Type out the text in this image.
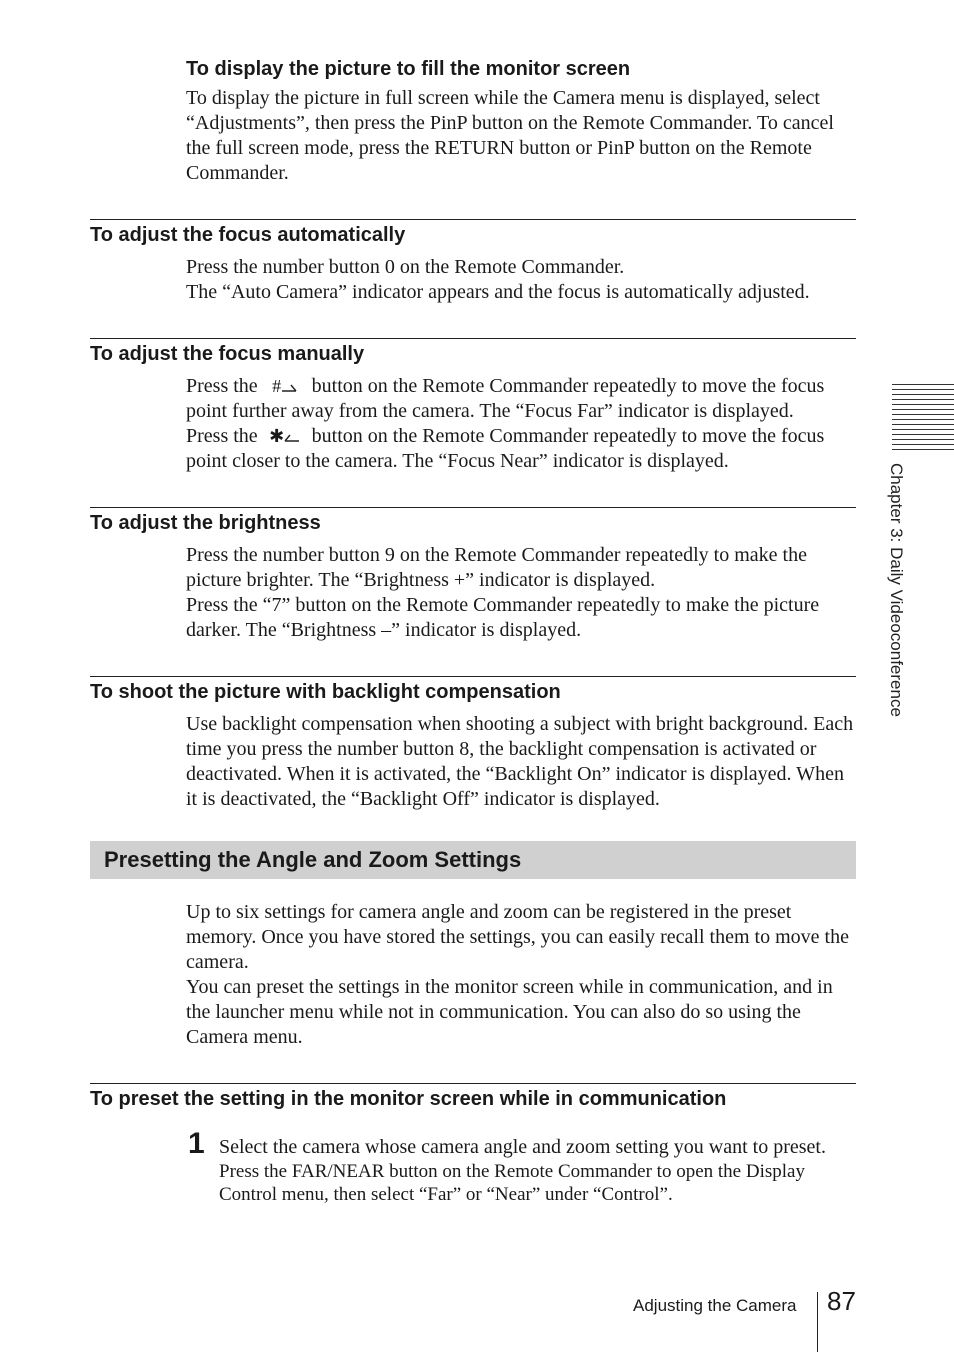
To display the picture to fill the monitor screen

To display the picture in full screen while the Camera menu is displayed, select “Adjustments”, then press the PinP button on the Remote Commander. To cancel the full screen mode, press the RETURN button or PinP button on the Remote Commander.

To adjust the focus automatically

Press the number button 0 on the Remote Commander.

The “Auto Camera” indicator appears and the focus is automatically adjusted.

To adjust the focus manually

Press the # button on the Remote Commander repeatedly to move the focus point further away from the camera. The “Focus Far” indicator is displayed.

Press the ✱ button on the Remote Commander repeatedly to move the focus point closer to the camera. The “Focus Near” indicator is displayed.

To adjust the brightness

Press the number button 9 on the Remote Commander repeatedly to make the picture brighter. The “Brightness +” indicator is displayed.

Press the “7” button on the Remote Commander repeatedly to make the picture darker. The “Brightness –” indicator is displayed.

To shoot the picture with backlight compensation

Use backlight compensation when shooting a subject with bright background. Each time you press the number button 8, the backlight compensation is activated or deactivated. When it is activated, the “Backlight On” indicator is displayed. When it is deactivated, the “Backlight Off” indicator is displayed.

Presetting the Angle and Zoom Settings

Up to six settings for camera angle and zoom can be registered in the preset memory. Once you have stored the settings, you can easily recall them to move the camera.

You can preset the settings in the monitor screen while in communication, and in the launcher menu while not in communication. You can also do so using the Camera menu.

To preset the setting in the monitor screen while in communication
1 Select the camera whose camera angle and zoom setting you want to preset.

Press the FAR/NEAR button on the Remote Commander to open the Display Control menu, then select “Far” or “Near” under “Control”.

Chapter 3: Daily Videoconference
Adjusting the Camera 87
